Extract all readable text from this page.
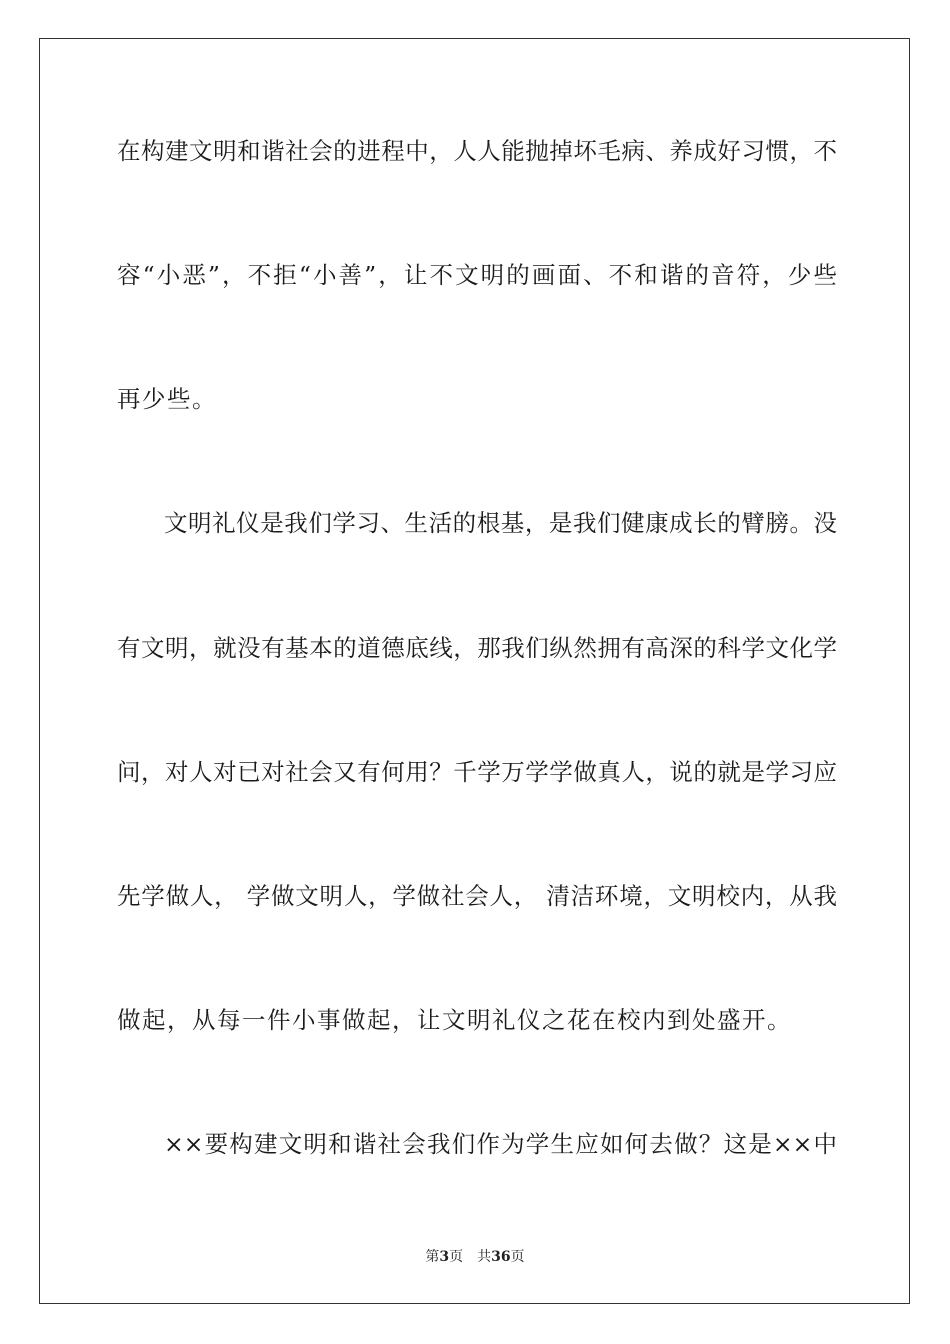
在构建文明和谐社会的进程中，人人能抛掉坏毛病、养成好习惯，不
容“小恶”，不拒“小善”，让不文明的画面、不和谐的音符，少些
再少些。
文明礼仪是我们学习、生活的根基，是我们健康成长的臂膀。没
有文明，就没有基本的道德底线，那我们纵然拥有高深的科学文化学
问，对人对已对社会又有何用？千学万学学做真人，说的就是学习应
先学做人， 学做文明人，学做社会人， 清洁环境，文明校内，从我
做起，从每一件小事做起，让文明礼仪之花在校内到处盛开。
××要构建文明和谐社会我们作为学生应如何去做？这是××中
第3页 共36页
